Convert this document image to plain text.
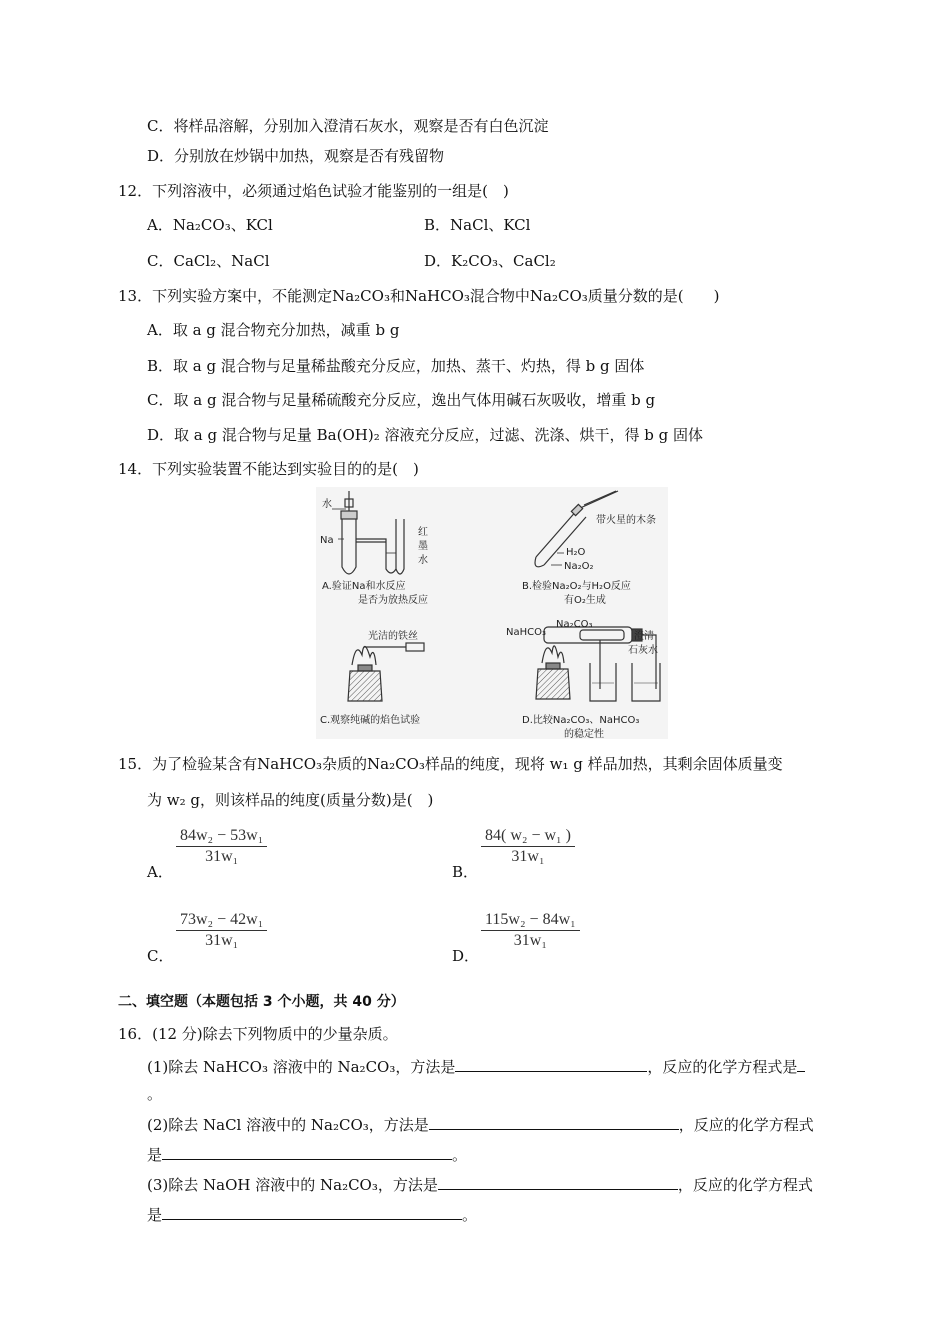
C．将样品溶解，分别加入澄清石灰水，观察是否有白色沉淀
D．分别放在炒锅中加热，观察是否有残留物
12．下列溶液中，必须通过焰色试验才能鉴别的一组是(　)
A．Na₂CO₃、KCl	B．NaCl、KCl
C．CaCl₂、NaCl	D．K₂CO₃、CaCl₂
13．下列实验方案中，不能测定Na₂CO₃和NaHCO₃混合物中Na₂CO₃质量分数的是(　　)
A．取 a g 混合物充分加热，减重 b g
B．取 a g 混合物与足量稀盐酸充分反应，加热、蒸干、灼热，得 b g 固体
C．取 a g 混合物与足量稀硫酸充分反应，逸出气体用碱石灰吸收，增重 b g
D．取 a g 混合物与足量 Ba(OH)₂ 溶液充分反应，过滤、洗涤、烘干，得 b g 固体
14．下列实验装置不能达到实验目的的是(　)
水
Na
红
墨
水
A.验证Na和水反应
是否为放热反应
带火星的木条
H₂O
Na₂O₂
B.检验Na₂O₂与H₂O反应
有O₂生成
光洁的铁丝
C.观察纯碱的焰色试验
NaHCO₃
Na₂CO₃
澄清
石灰水
D.比较Na₂CO₃、NaHCO₃
的稳定性
15．为了检验某含有NaHCO₃杂质的Na₂CO₃样品的纯度，现将 w₁ g 样品加热，其剩余固体质量变
为 w₂ g，则该样品的纯度(质量分数)是(　)
$\frac{\text{84w₂ − 53w₁}}{\text{31w₁}}$
A．
$\frac{\text{84( w₂ − w₁ )}}{\text{31w₁}}$
B．
$\frac{\text{73w₂ − 42w₁}}{\text{31w₁}}$
C．
$\frac{\text{115w₂ − 84w₁}}{\text{31w₁}}$
D．
二、填空题（本题包括 3 个小题，共 40 分）
16．(12 分)除去下列物质中的少量杂质。
(1)除去 NaHCO₃ 溶液中的 Na₂CO₃，方法是	，反应的化学方程式是
。
(2)除去 NaCl 溶液中的 Na₂CO₃，方法是	，反应的化学方程式
是	。
(3)除去 NaOH 溶液中的 Na₂CO₃，方法是	，反应的化学方程式
是	。
